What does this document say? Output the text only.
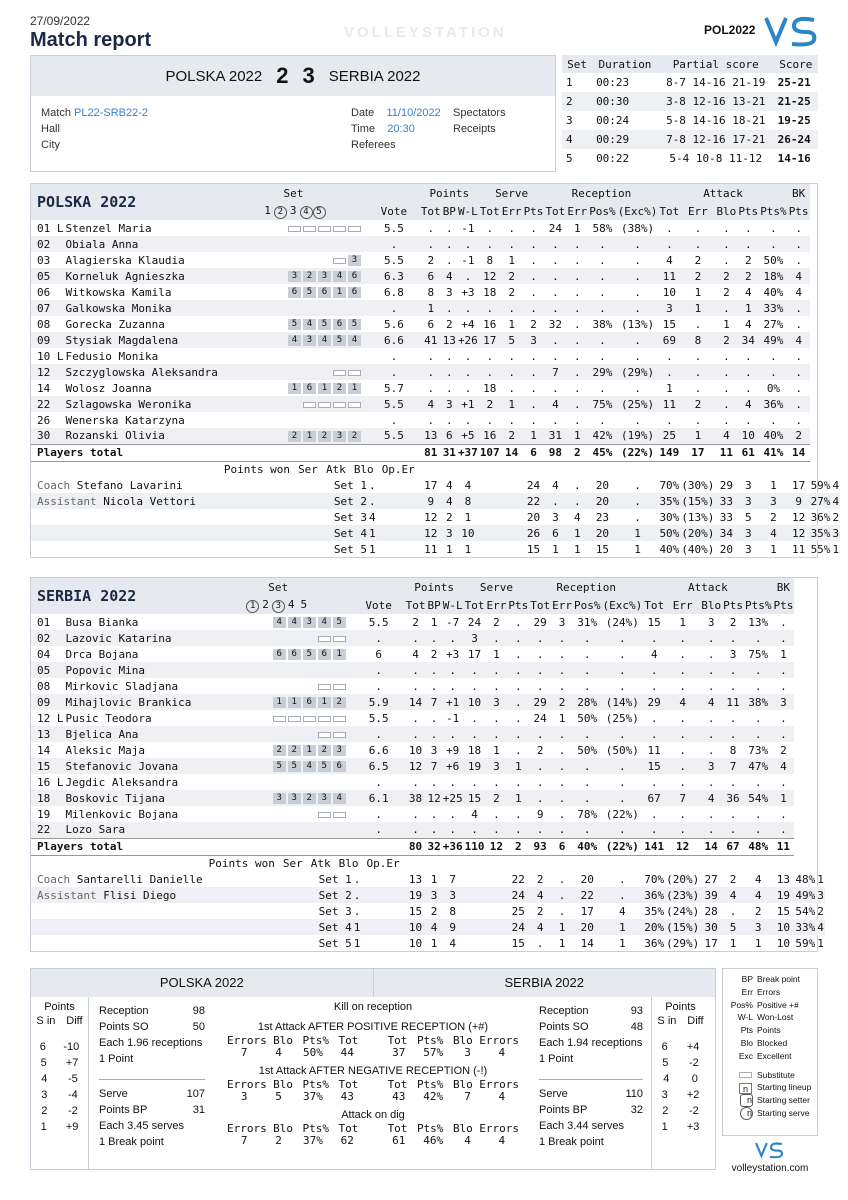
27/09/2022
Match report	VOLLEYSTATION	POL2022
POLSKA 2022 2 3 SERBIA 2022
Match PL22-SRB22-2
Hall
City
Date 11/10/2022
Time 20:30
Referees
Spectators
Receipts
Set	Duration	Partial score	Score
1	00:23	8-7 14-16 21-19	25-21
2	00:30	3-8 12-16 13-21	21-25
3	00:24	5-8 14-16 18-21	19-25
4	00:29	7-8 12-16 17-21	26-24
5	00:22	5-4 10-8 11-12	14-16
POLSKA 2022		Set		Points			Serve			Reception				Attack					BK		
		1 2 3 4 5	Vote	Tot	BP	W-L	Tot	Err	Pts	Tot	Err	Pos%	(Exc%)	Tot	Err	Blo	Pts	Pts%	Pts		
01 L	Stenzel Maria		5.5	.	.	-1	.	.	.	24	1	58%	(38%)	.	.	.	.	.	.		
02	Obiala Anna		.	.	.	.	.	.	.	.	.	.	.	.	.	.	.	.	.		
03	Alagierska Klaudia	3	5.5	2	.	-1	8	1	.	.	.	.	.	4	2	.	2	50%	.		
05	Korneluk Agnieszka	3 2 3 4 6	6.3	6	4	.	12	2	.	.	.	.	.	11	2	2	2	18%	4		
06	Witkowska Kamila	6 5 6 1 6	6.8	8	3	+3	18	2	.	.	.	.	.	10	1	2	4	40%	4		
07	Galkowska Monika		.	1	.	.	.	.	.	.	.	.	.	3	1	.	1	33%	.		
08	Gorecka Zuzanna	5 4 5 6 5	5.6	6	2	+4	16	1	2	32	.	38%	(13%)	15	.	1	4	27%	.		
09	Stysiak Magdalena	4 3 4 5 4	6.6	41	13	+26	17	5	3	.	.	.	.	69	8	2	34	49%	4		
10 L	Fedusio Monika		.	.	.	.	.	.	.	.	.	.	.	.	.	.	.	.	.		
12	Szczyglowska Aleksandra		.	.	.	.	.	.	.	7	.	29%	(29%)	.	.	.	.	.	.		
14	Wolosz Joanna	1 6 1 2 1	5.7	.	.	.	18	.	.	.	.	.	.	1	.	.	.	0%	.		
22	Szlagowska Weronika		5.5	4	3	+1	2	1	.	4	.	75%	(25%)	11	2	.	4	36%	.		
26	Wenerska Katarzyna		.	.	.	.	.	.	.	.	.	.	.	.	.	.	.	.	.		
30	Rozanski Olivia	2 1 2 3 2	5.5	13	6	+5	16	2	1	31	1	42%	(19%)	25	1	4	10	40%	2		
Players total				81	31	+37	107	14	6	98	2	45%	(22%)	149	17	11	61	41%	14		
		Points won Ser Atk Blo Op.Er																			
Coach Stefano Lavarini		Set 1	.	17	4	4			24	4	.	20	.	70%	(30%)	29	3	1	17	59%	4
Assistant Nicola Vettori		Set 2	.	9	4	8			22	.	.	20	.	35%	(15%)	33	3	3	9	27%	4
		Set 3	4	12	2	1			20	3	4	23	.	30%	(13%)	33	5	2	12	36%	2
		Set 4	1	12	3	10			26	6	1	20	1	50%	(20%)	34	3	4	12	35%	3
		Set 5	1	11	1	1			15	1	1	15	1	40%	(40%)	20	3	1	11	55%	1
SERBIA 2022		Set		Points			Serve			Reception				Attack					BK		
		1 2 3 4 5	Vote	Tot	BP	W-L	Tot	Err	Pts	Tot	Err	Pos%	(Exc%)	Tot	Err	Blo	Pts	Pts%	Pts		
01	Busa Bianka	4 4 3 4 5	5.5	2	1	-7	24	2	.	29	3	31%	(24%)	15	1	3	2	13%	.		
02	Lazovic Katarina		.	.	.	.	3	.	.	.	.	.	.	.	.	.	.	.	.		
04	Drca Bojana	6 6 5 6 1	6	4	2	+3	17	1	.	.	.	.	.	4	.	.	3	75%	1		
05	Popovic Mina		.	.	.	.	.	.	.	.	.	.	.	.	.	.	.	.	.		
08	Mirkovic Sladjana		.	.	.	.	.	.	.	.	.	.	.	.	.	.	.	.	.		
09	Mihajlovic Brankica	1 1 6 1 2	5.9	14	7	+1	10	3	.	29	2	28%	(14%)	29	4	4	11	38%	3		
12 L	Pusic Teodora		5.5	.	.	-1	.	.	.	24	1	50%	(25%)	.	.	.	.	.	.		
13	Bjelica Ana		.	.	.	.	.	.	.	.	.	.	.	.	.	.	.	.	.		
14	Aleksic Maja	2 2 1 2 3	6.6	10	3	+9	18	1	.	2	.	50%	(50%)	11	.	.	8	73%	2		
15	Stefanovic Jovana	5 5 4 5 6	6.5	12	7	+6	19	3	1	.	.	.	.	15	.	3	7	47%	4		
16 L	Jegdic Aleksandra		.	.	.	.	.	.	.	.	.	.	.	.	.	.	.	.	.		
18	Boskovic Tijana	3 3 2 3 4	6.1	38	12	+25	15	2	1	.	.	.	.	67	7	4	36	54%	1		
19	Milenkovic Bojana		.	.	.	.	4	.	.	9	.	78%	(22%)	.	.	.	.	.	.		
22	Lozo Sara		.	.	.	.	.	.	.	.	.	.	.	.	.	.	.	.	.		
Players total				80	32	+36	110	12	2	93	6	40%	(22%)	141	12	14	67	48%	11		
		Points won Ser Atk Blo Op.Er																			
Coach Santarelli Danielle		Set 1	.	13	1	7			22	2	.	20	.	70%	(20%)	27	2	4	13	48%	1
Assistant Flisi Diego		Set 2	.	19	3	3			24	4	.	22	.	36%	(23%)	39	4	4	19	49%	3
		Set 3	.	15	2	8			25	2	.	17	4	35%	(24%)	28	.	2	15	54%	2
		Set 4	1	10	4	9			24	4	1	20	1	20%	(15%)	30	5	3	10	33%	4
		Set 5	1	10	1	4			15	.	1	14	1	36%	(29%)	17	1	1	10	59%	1
POLSKA 2022	SERBIA 2022
Points
S in Diff
6 -10
5 +7
4 -5
3 -4
2 -2
1 +9
Reception	98
Points SO	50
Each 1.96 receptions
1 Point
Serve	107
Points BP	31
Each 3.45 serves
1 Break point
Kill on reception
1st Attack AFTER POSITIVE RECEPTION (+#)
Errors Blo Pts% Tot	Tot Pts% Blo Errors
7	4	50%	44	37	57%	3	4
1st Attack AFTER NEGATIVE RECEPTION (-!)
Errors Blo Pts% Tot	Tot Pts% Blo Errors
3	5	37%	43	43	42%	7	4
Attack on dig
Errors Blo Pts% Tot	Tot Pts% Blo Errors
7	2	37%	62	61	46%	4	4
Reception	93
Points SO	48
Each 1.94 receptions
1 Point
Serve	110
Points BP	32
Each 3.44 serves
1 Break point
Points
S in Diff
6 +4
5 -2
4 0
3 +2
2 -2
1 +3
BP Break point
Err Errors
Pos% Positive +#
W-L Won-Lost
Pts Points
Blo Blocked
Exc Excellent
Substitute
n	Starting lineup
n Starting setter
n Starting serve
volleystation.com
